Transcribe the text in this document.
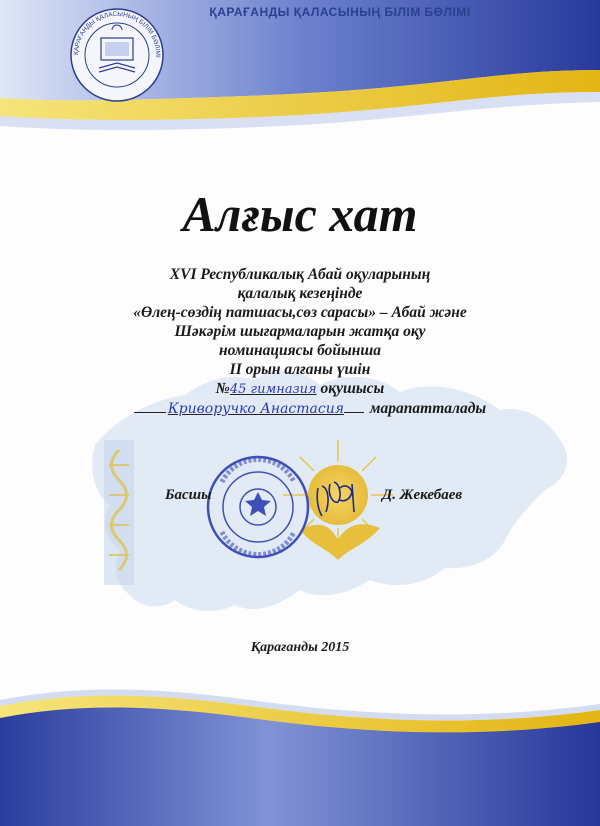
ҚАРАҒАНДЫ ҚАЛАСЫНЫҢ БІЛІМ БӨЛІМІ
ҚАРАҒАНДЫ ҚАЛАСЫНЫҢ БІЛІМ БӨЛІМІ
Алғыс хат
XVI Республикалық Абай оқуларының
қалалық кезеңінде
«Өлең-сөздің патшасы,сөз сарасы» – Абай және
Шәкәрім шығармаларын жатқа оқу
номинациясы бойынша
II орын алғаны үшін
№45 гимназия оқушысы
Криворучко Анастасия марапатталады
Басшы	Д. Жекебаев
Қарағанды 2015
